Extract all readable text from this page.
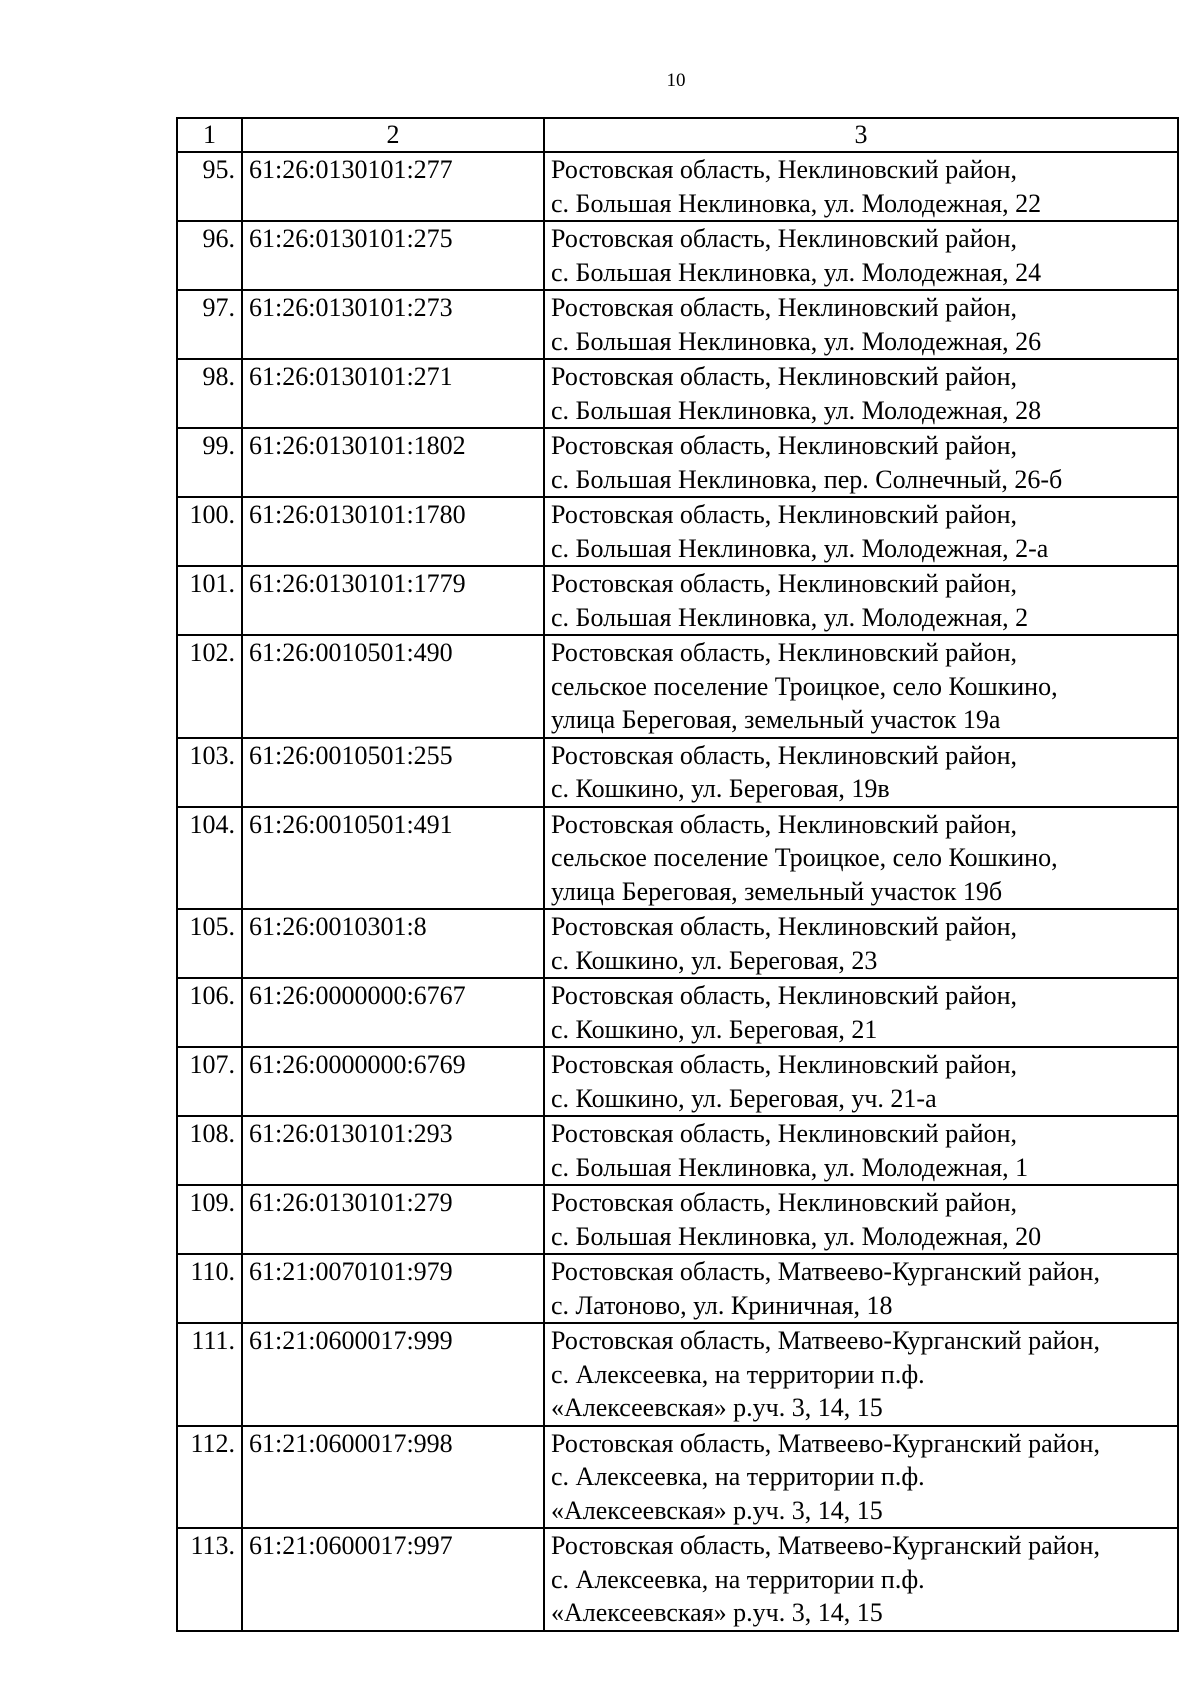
10
1	2	3
95.	61:26:0130101:277	Ростовская область, Неклиновский район,
с. Большая Неклиновка, ул. Молодежная, 22

96.	61:26:0130101:275	Ростовская область, Неклиновский район,
с. Большая Неклиновка, ул. Молодежная, 24

97.	61:26:0130101:273	Ростовская область, Неклиновский район,
с. Большая Неклиновка, ул. Молодежная, 26

98.	61:26:0130101:271	Ростовская область, Неклиновский район,
с. Большая Неклиновка, ул. Молодежная, 28

99.	61:26:0130101:1802	Ростовская область, Неклиновский район,
с. Большая Неклиновка, пер. Солнечный, 26-б

100.	61:26:0130101:1780	Ростовская область, Неклиновский район,
с. Большая Неклиновка, ул. Молодежная, 2-а

101.	61:26:0130101:1779	Ростовская область, Неклиновский район,
с. Большая Неклиновка, ул. Молодежная, 2

102.	61:26:0010501:490	Ростовская область, Неклиновский район,
сельское поселение Троицкое, село Кошкино,
улица Береговая, земельный участок 19а

103.	61:26:0010501:255	Ростовская область, Неклиновский район,
с. Кошкино, ул. Береговая, 19в

104.	61:26:0010501:491	Ростовская область, Неклиновский район,
сельское поселение Троицкое, село Кошкино,
улица Береговая, земельный участок 19б

105.	61:26:0010301:8	Ростовская область, Неклиновский район,
с. Кошкино, ул. Береговая, 23

106.	61:26:0000000:6767	Ростовская область, Неклиновский район,
с. Кошкино, ул. Береговая, 21

107.	61:26:0000000:6769	Ростовская область, Неклиновский район,
с. Кошкино, ул. Береговая, уч. 21-а

108.	61:26:0130101:293	Ростовская область, Неклиновский район,
с. Большая Неклиновка, ул. Молодежная, 1

109.	61:26:0130101:279	Ростовская область, Неклиновский район,
с. Большая Неклиновка, ул. Молодежная, 20

110.	61:21:0070101:979	Ростовская область, Матвеево-Курганский район,
с. Латоново, ул. Криничная, 18

111.	61:21:0600017:999	Ростовская область, Матвеево-Курганский район,
с. Алексеевка, на территории п.ф.
«Алексеевская» р.уч. 3, 14, 15

112.	61:21:0600017:998	Ростовская область, Матвеево-Курганский район,
с. Алексеевка, на территории п.ф.
«Алексеевская» р.уч. 3, 14, 15

113.	61:21:0600017:997	Ростовская область, Матвеево-Курганский район,
с. Алексеевка, на территории п.ф.
«Алексеевская» р.уч. 3, 14, 15
